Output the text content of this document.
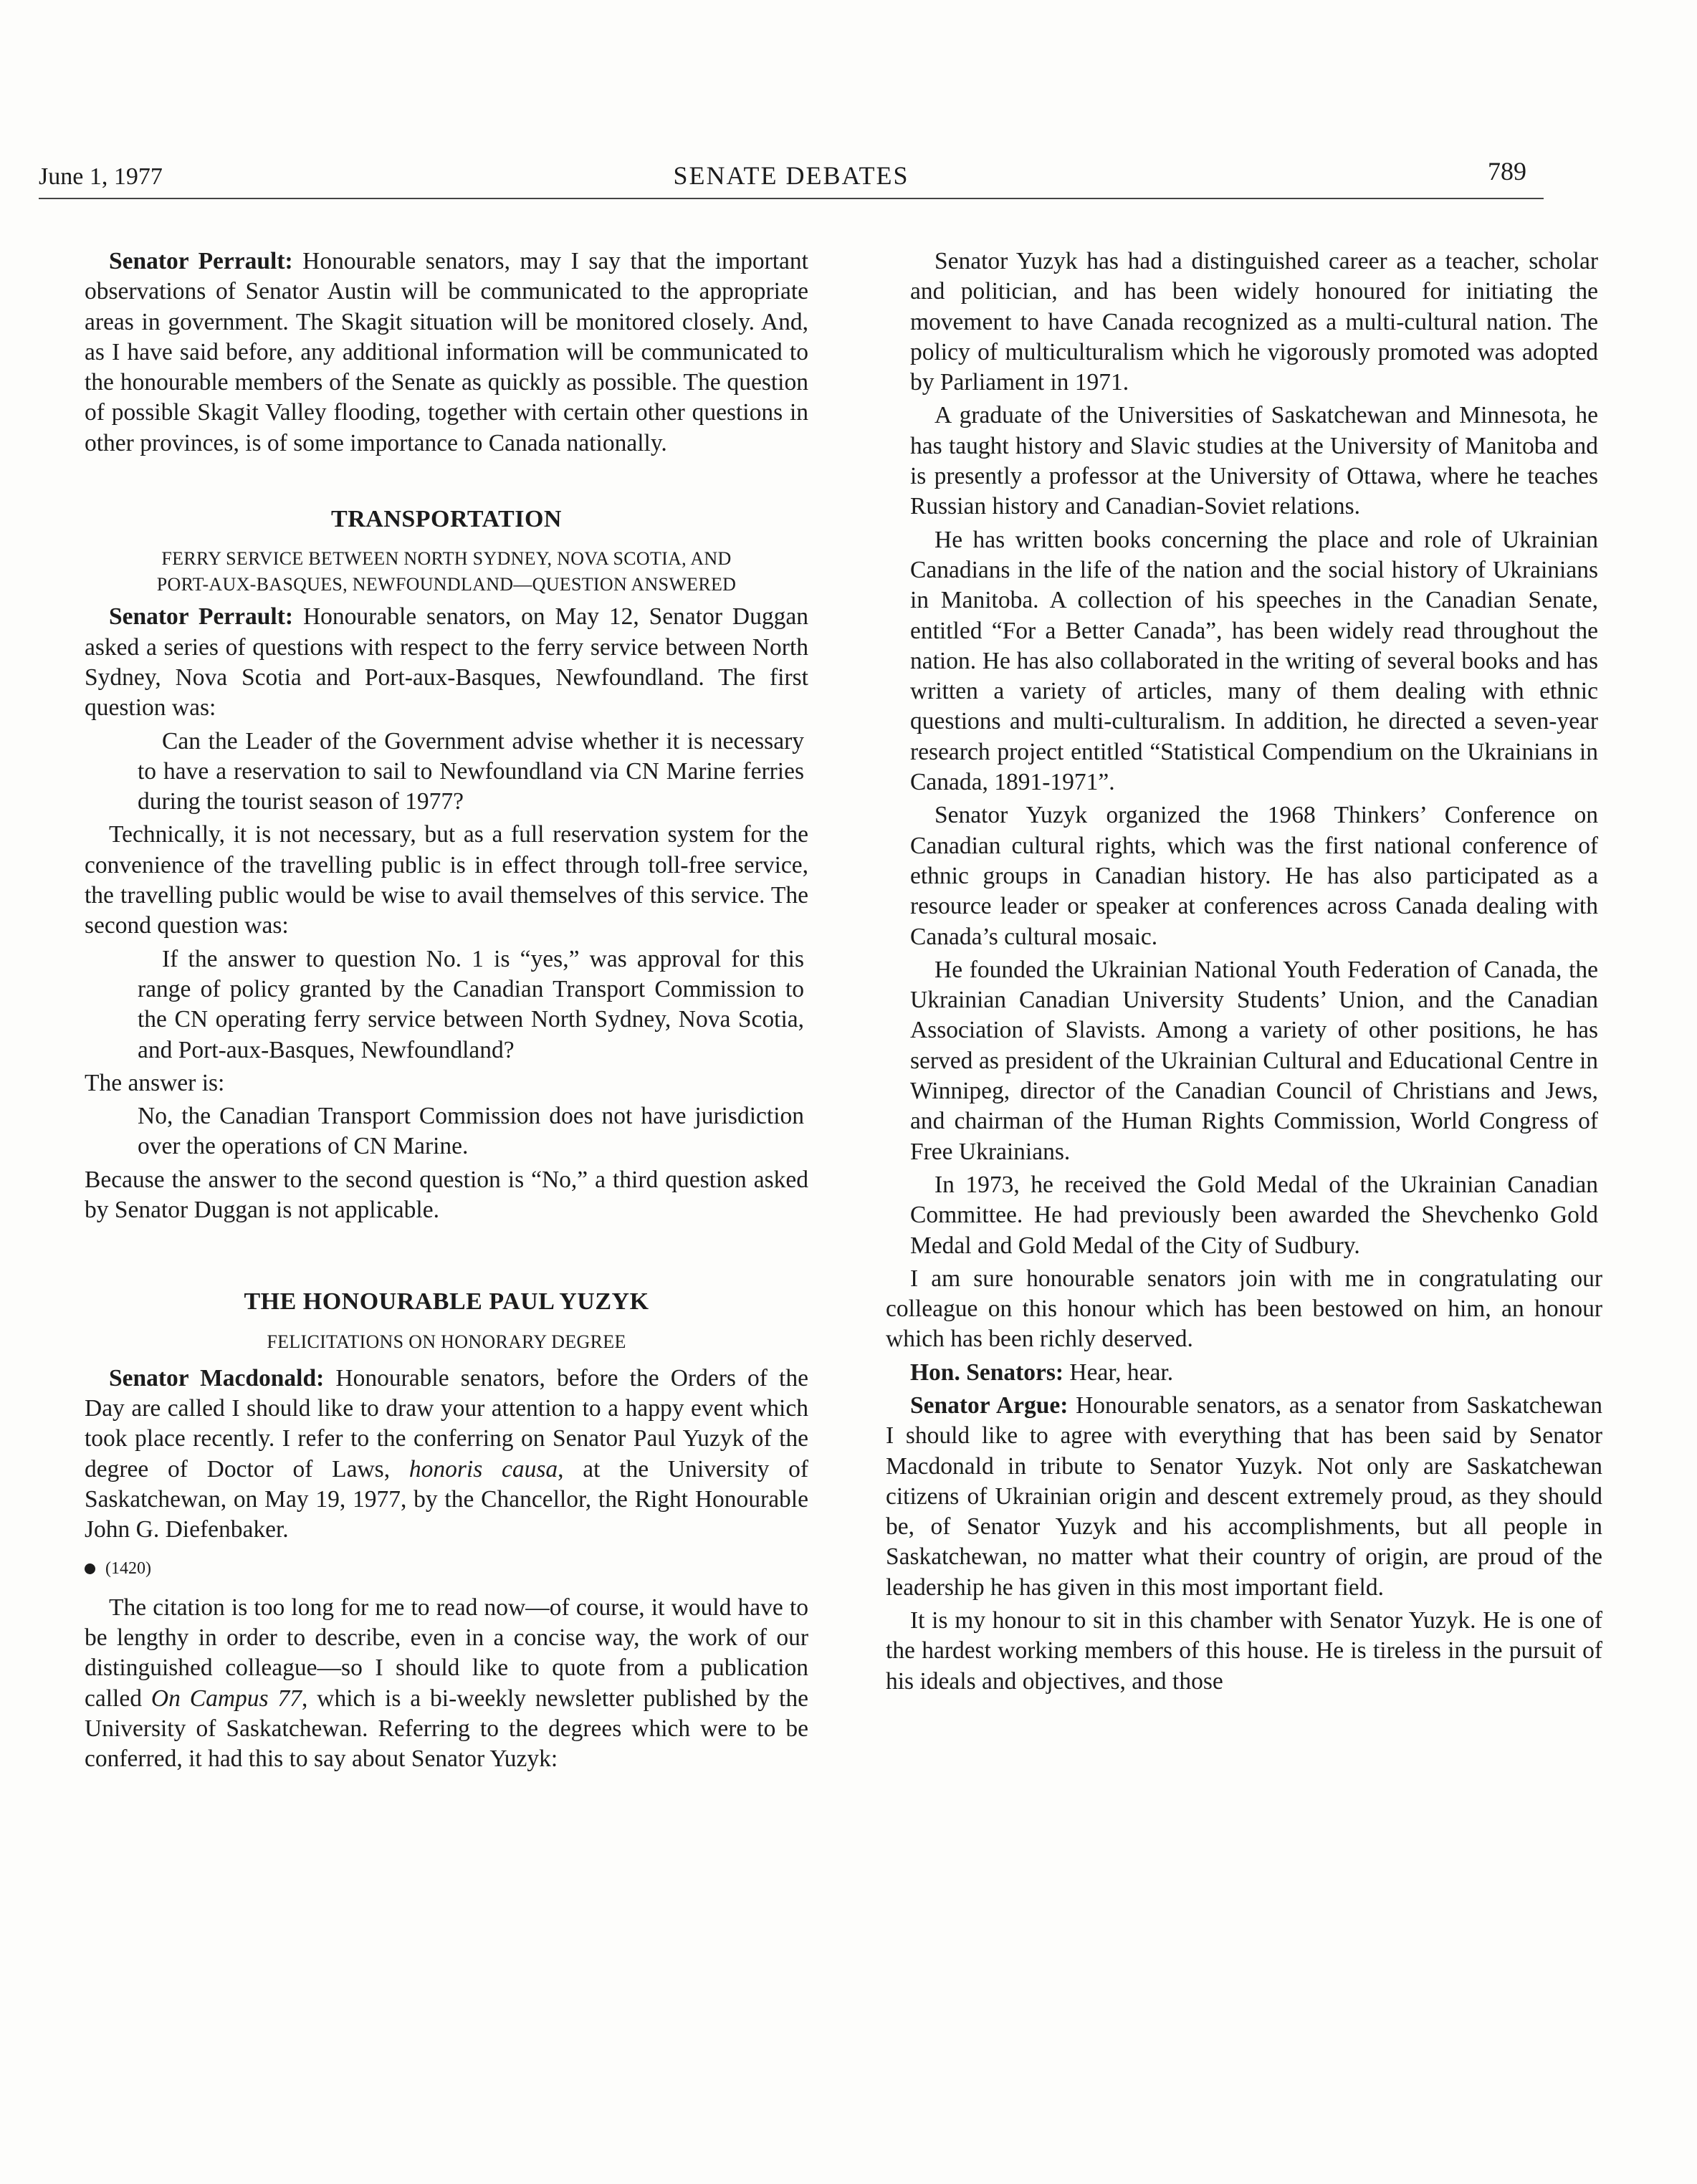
June 1, 1977	SENATE DEBATES	789

Senator Perrault: Honourable senators, may I say that the important observations of Senator Austin will be communicated to the appropriate areas in government. The Skagit situation will be monitored closely. And, as I have said before, any additional information will be communicated to the honourable members of the Senate as quickly as possible. The question of possible Skagit Valley flooding, together with certain other questions in other provinces, is of some importance to Canada nationally.

TRANSPORTATION
FERRY SERVICE BETWEEN NORTH SYDNEY, NOVA SCOTIA, AND
PORT-AUX-BASQUES, NEWFOUNDLAND—QUESTION ANSWERED

Senator Perrault: Honourable senators, on May 12, Senator Duggan asked a series of questions with respect to the ferry service between North Sydney, Nova Scotia and Port-aux-Basques, Newfoundland. The first question was:

Can the Leader of the Government advise whether it is necessary to have a reservation to sail to Newfoundland via CN Marine ferries during the tourist season of 1977?

Technically, it is not necessary, but as a full reservation system for the convenience of the travelling public is in effect through toll-free service, the travelling public would be wise to avail themselves of this service. The second question was:

If the answer to question No. 1 is “yes,” was approval for this range of policy granted by the Canadian Transport Commission to the CN operating ferry service between North Sydney, Nova Scotia, and Port-aux-Basques, Newfoundland?

The answer is:

No, the Canadian Transport Commission does not have jurisdiction over the operations of CN Marine.

Because the answer to the second question is “No,” a third question asked by Senator Duggan is not applicable.

THE HONOURABLE PAUL YUZYK
FELICITATIONS ON HONORARY DEGREE

Senator Macdonald: Honourable senators, before the Orders of the Day are called I should like to draw your attention to a happy event which took place recently. I refer to the conferring on Senator Paul Yuzyk of the degree of Doctor of Laws, honoris causa, at the University of Saskatchewan, on May 19, 1977, by the Chancellor, the Right Honourable John G. Diefenbaker.

(1420)

The citation is too long for me to read now—of course, it would have to be lengthy in order to describe, even in a concise way, the work of our distinguished colleague—so I should like to quote from a publication called On Campus 77, which is a bi-weekly newsletter published by the University of Saskatchewan. Referring to the degrees which were to be conferred, it had this to say about Senator Yuzyk:

Senator Yuzyk has had a distinguished career as a teacher, scholar and politician, and has been widely honoured for initiating the movement to have Canada recognized as a multi-cultural nation. The policy of multiculturalism which he vigorously promoted was adopted by Parliament in 1971.

A graduate of the Universities of Saskatchewan and Minnesota, he has taught history and Slavic studies at the University of Manitoba and is presently a professor at the University of Ottawa, where he teaches Russian history and Canadian-Soviet relations.

He has written books concerning the place and role of Ukrainian Canadians in the life of the nation and the social history of Ukrainians in Manitoba. A collection of his speeches in the Canadian Senate, entitled “For a Better Canada”, has been widely read throughout the nation. He has also collaborated in the writing of several books and has written a variety of articles, many of them dealing with ethnic questions and multi-culturalism. In addition, he directed a seven-year research project entitled “Statistical Compendium on the Ukrainians in Canada, 1891-1971”.

Senator Yuzyk organized the 1968 Thinkers’ Conference on Canadian cultural rights, which was the first national conference of ethnic groups in Canadian history. He has also participated as a resource leader or speaker at conferences across Canada dealing with Canada’s cultural mosaic.

He founded the Ukrainian National Youth Federation of Canada, the Ukrainian Canadian University Students’ Union, and the Canadian Association of Slavists. Among a variety of other positions, he has served as president of the Ukrainian Cultural and Educational Centre in Winnipeg, director of the Canadian Council of Christians and Jews, and chairman of the Human Rights Commission, World Congress of Free Ukrainians.

In 1973, he received the Gold Medal of the Ukrainian Canadian Committee. He had previously been awarded the Shevchenko Gold Medal and Gold Medal of the City of Sudbury.

I am sure honourable senators join with me in congratulating our colleague on this honour which has been bestowed on him, an honour which has been richly deserved.

Hon. Senators: Hear, hear.

Senator Argue: Honourable senators, as a senator from Saskatchewan I should like to agree with everything that has been said by Senator Macdonald in tribute to Senator Yuzyk. Not only are Saskatchewan citizens of Ukrainian origin and descent extremely proud, as they should be, of Senator Yuzyk and his accomplishments, but all people in Saskatchewan, no matter what their country of origin, are proud of the leadership he has given in this most important field.

It is my honour to sit in this chamber with Senator Yuzyk. He is one of the hardest working members of this house. He is tireless in the pursuit of his ideals and objectives, and those
